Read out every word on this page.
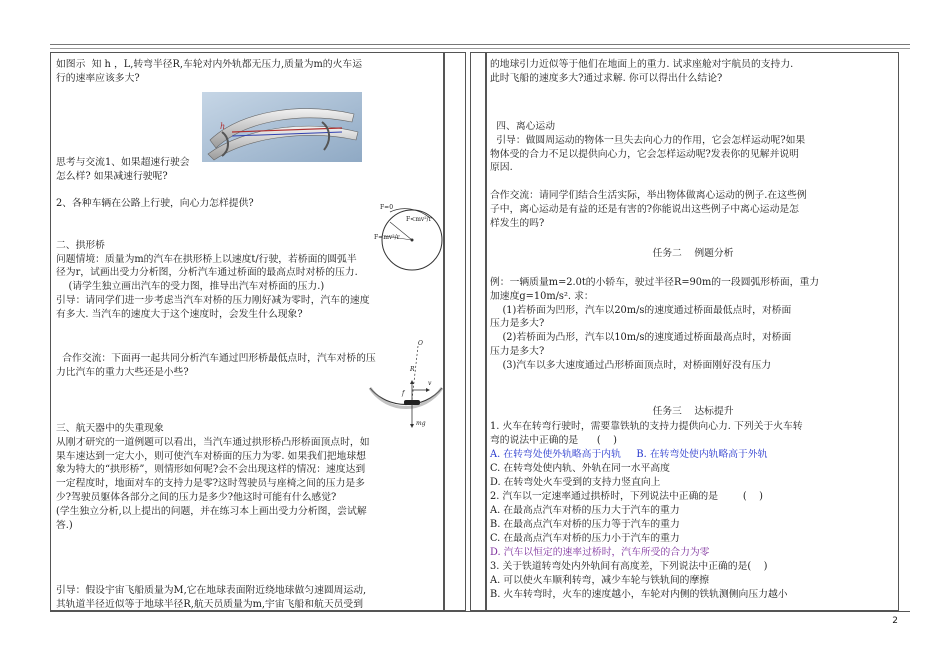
如图示  知 h ，L,转弯半径R,车轮对内外轨都无压力,质量为m的火车运
行的速率应该多大?

h

思考与交流1、如果超速行驶会
怎么样? 如果减速行驶呢?

2、各种车辆在公路上行驶，向心力怎样提供?

二、拱形桥
问题情境：质量为m的汽车在拱形桥上以速度t/行驶，若桥面的圆弧半
径为r，试画出受力分析图，分析汽车通过桥面的最高点时对桥的压力.
(请学生独立画出汽车的受力图，推导出汽车对桥面的压力.)
引导：请同学们进一步考虑当汽车对桥的压力刚好减为零时，汽车的速度
有多大. 当汽车的速度大于这个速度时，会发生什么现象?

F=0
F<mv²/r
F=mv²/r

合作交流：下面再一起共同分析汽车通过凹形桥最低点时，汽车对桥的压
力比汽车的重力大些还是小些?

O
v
f
R
mg

三、航天器中的失重现象
从刚才研究的一道例题可以看出，当汽车通过拱形桥凸形桥面顶点时，如
果车速达到一定大小，则可使汽车对桥面的压力为零. 如果我们把地球想
象为特大的“拱形桥”，则情形如何呢?会不会出现这样的情况：速度达到
一定程度时，地面对车的支持力是零?这时驾驶员与座椅之间的压力是多
少?驾驶员躯体各部分之间的压力是多少?他这时可能有什么感觉?
(学生独立分析,以上提出的问题，并在练习本上画出受力分析图，尝试解
答.)

引导：假设宇宙飞船质量为M,它在地球表面附近绕地球做匀速圆周运动,
其轨道半径近似等于地球半径R,航天员质量为m,宇宙飞船和航天员受到

的地球引力近似等于他们在地面上的重力. 试求座舱对宇航员的支持力.
此时飞船的速度多大?通过求解. 你可以得出什么结论?

四、离心运动
引导：做圆周运动的物体一旦失去向心力的作用，它会怎样运动呢?如果
物体受的合力不足以提供向心力，它会怎样运动呢?发表你的见解并说明
原因.

合作交流：请同学们结合生活实际，举出物体做离心运动的例子.在这些例
子中，离心运动是有益的还是有害的?你能说出这些例子中离心运动是怎
样发生的吗?

任务二    例题分析

例：一辆质量m=2.0t的小轿车，驶过半径R=90m的一段圆弧形桥面，重力
加速度g=10m/s². 求：
(1)若桥面为凹形，汽车以20m/s的速度通过桥面最低点时，对桥面
压力是多大?
(2)若桥面为凸形，汽车以10m/s的速度通过桥面最高点时，对桥面
压力是多大?
(3)汽车以多大速度通过凸形桥面顶点时，对桥面刚好没有压力

任务三    达标提升

1. 火车在转弯行驶时，需要靠铁轨的支持力提供向心力. 下列关于火车转
弯的说法中正确的是      (    )

A. 在转弯处使外轨略高于内轨     B. 在转弯处使内轨略高于外轨

C. 在转弯处使内轨、外轨在同一水平高度
D. 在转弯处火车受到的支持力竖直向上

2. 汽车以一定速率通过拱桥时，下列说法中正确的是        (    )

A. 在最高点汽车对桥的压力大于汽车的重力
B. 在最高点汽车对桥的压力等于汽车的重力
C. 在最高点汽车对桥的压力小于汽车的重力

D. 汽车以恒定的速率过桥时，汽车所受的合力为零

3. 关于铁道转弯处内外轨间有高度差，下列说法中正确的是(    )

A. 可以使火车顺利转弯，减少车轮与铁轨间的摩擦
B. 火车转弯时，火车的速度越小，车轮对内侧的铁轨测侧向压力越小

2
